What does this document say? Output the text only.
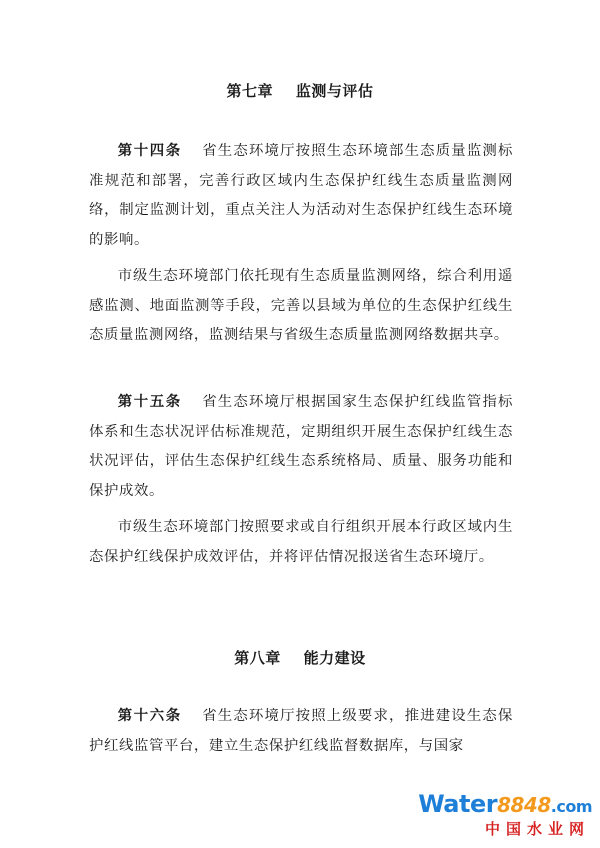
第七章    监测与评估

第十四条 省生态环境厅按照生态环境部生态质量监测标准规范和部署，完善行政区域内生态保护红线生态质量监测网络，制定监测计划，重点关注人为活动对生态保护红线生态环境的影响。

市级生态环境部门依托现有生态质量监测网络，综合利用遥感监测、地面监测等手段，完善以县域为单位的生态保护红线生态质量监测网络，监测结果与省级生态质量监测网络数据共享。

第十五条 省生态环境厅根据国家生态保护红线监管指标体系和生态状况评估标准规范，定期组织开展生态保护红线生态状况评估，评估生态保护红线生态系统格局、质量、服务功能和保护成效。

市级生态环境部门按照要求或自行组织开展本行政区域内生态保护红线保护成效评估，并将评估情况报送省生态环境厅。

第八章    能力建设

第十六条 省生态环境厅按照上级要求，推进建设生态保护红线监管平台，建立生态保护红线监督数据库，与国家

Water8848.com
中国水业网
